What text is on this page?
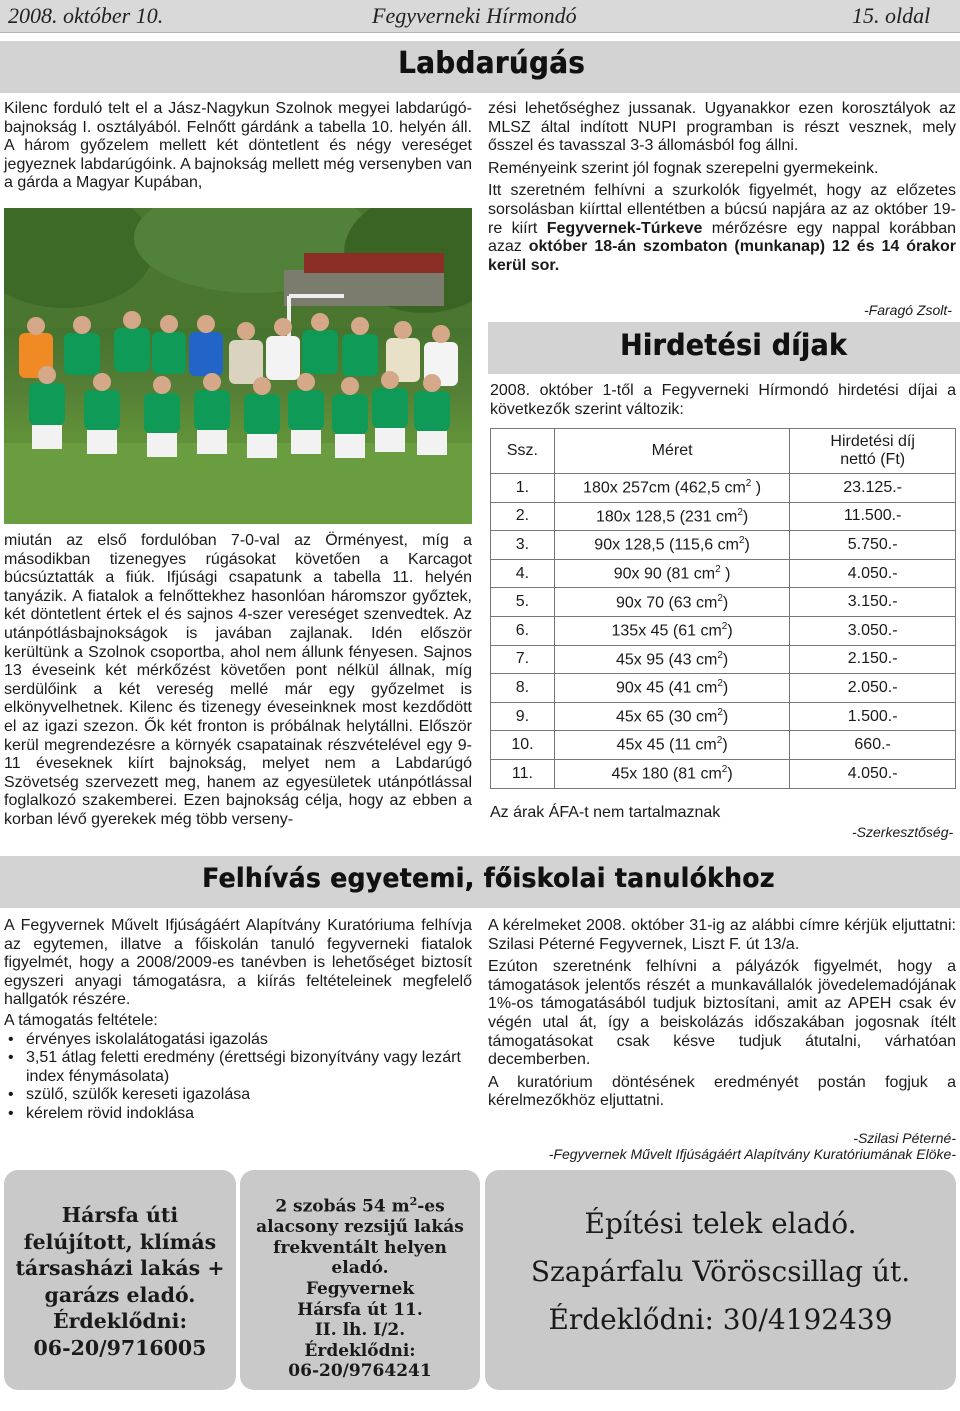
2008. október 10.	Fegyverneki Hírmondó	15. oldal
Labdarúgás
Kilenc forduló telt el a Jász-Nagykun Szolnok megyei labdarúgó-bajnokság I. osztályából. Felnőtt gárdánk a tabella 10. helyén áll. A három győzelem mellett két döntetlent és négy vereséget jegyeznek labdarúgóink. A bajnokság mellett még versenyben van a gárda a Magyar Kupában,
miután az első fordulóban 7-0-val az Örményest, míg a másodikban tizenegyes rúgásokat követően a Karcagot búcsúztatták a fiúk. Ifjúsági csapatunk a tabella 11. helyén tanyázik. A fiatalok a felnőttekhez hasonlóan háromszor győztek, két döntetlent értek el és sajnos 4-szer vereséget szenvedtek. Az utánpótlásbajnokságok is javában zajlanak. Idén először kerültünk a Szolnok csoportba, ahol nem állunk fényesen. Sajnos 13 éveseink két mérkőzést követően pont nélkül állnak, míg serdülőink a két vereség mellé már egy győzelmet is elkönyvelhetnek. Kilenc és tizenegy éveseinknek most kezdődött el az igazi szezon. Ők két fronton is próbálnak helytállni. Először kerül megrendezésre a környék csapatainak részvételével egy 9-11 éveseknek kiírt bajnokság, melyet nem a Labdarúgó Szövetség szervezett meg, hanem az egyesületek utánpótlással foglalkozó szakemberei. Ezen bajnokság célja, hogy az ebben a korban lévő gyerekek még több verseny-

zési lehetőséghez jussanak. Ugyanakkor ezen korosztályok az MLSZ által indított NUPI programban is részt vesznek, mely ősszel és tavasszal 3-3 állomásból fog állni.

Reményeink szerint jól fognak szerepelni gyermekeink.

Itt szeretném felhívni a szurkolók figyelmét, hogy az előzetes sorsolásban kiírttal ellentétben a búcsú napjára az az október 19-re kiírt Fegyvernek-Túrkeve mérőzésre egy nappal korábban azaz október 18-án szombaton (munkanap) 12 és 14 órakor kerül sor.

-Faragó Zsolt-
Hirdetési díjak
2008. október 1-től a Fegyverneki Hírmondó hirdetési díjai a következők szerint változik:
Ssz.	Méret	Hirdetési díj
nettó (Ft)
1.	180x 257cm (462,5 $cm^2$ )	23.125.-
2.	180x 128,5 (231 $cm^2$)	11.500.-
3.	90x 128,5 (115,6 $cm^2$)	5.750.-
4.	90x 90 (81 $cm^2$ )	4.050.-
5.	90x 70 (63 $cm^2$)	3.150.-
6.	135x 45 (61 $cm^2$)	3.050.-
7.	45x 95 (43 $cm^2$)	2.150.-
8.	90x 45 (41 $cm^2$)	2.050.-
9.	45x 65 (30 $cm^2$)	1.500.-
10.	45x 45 (11 $cm^2$)	660.-
11.	45x 180 (81 $cm^2$)	4.050.-
Az árak ÁFA-t nem tartalmaznak
-Szerkesztőség-
Felhívás egyetemi, főiskolai tanulókhoz

A Fegyvernek Művelt Ifjúságáért Alapítvány Kuratóriuma felhívja az egytemen, illatve a főiskolán tanuló fegyverneki fiatalok figyelmét, hogy a 2008/2009-es tanévben is lehetőséget biztosít egyszeri anyagi támogatásra, a kiírás feltételeinek megfelelő hallgatók részére.

A támogatás feltétele:

• érvényes iskolalátogatási igazolás
• 3,51 átlag feletti eredmény (érettségi bizonyítvány vagy lezárt index fénymásolata)
• szülő, szülők kereseti igazolása
• kérelem rövid indoklása

A kérelmeket 2008. október 31-ig az alábbi címre kérjük eljuttatni: Szilasi Péterné Fegyvernek, Liszt F. út 13/a.

Ezúton szeretnénk felhívni a pályázók figyelmét, hogy a támogatások jelentős részét a munkavállalók jövedelemadójának 1%-os támogatásából tudjuk biztosítani, amit az APEH csak év végén utal át, így a beiskolázás időszakában jogosnak ítélt támogatásokat csak késve tudjuk átutalni, várhatóan decemberben.

A kuratórium döntésének eredményét postán fogjuk a kérelmezőkhöz eljuttatni.

-Szilasi Péterné-
-Fegyvernek Művelt Ifjúságáért Alapítvány Kuratóriumának Elöke-
Hársfa úti
felújított, klímás
társasházi lakás +
garázs eladó.
Érdeklődni:
06-20/9716005
2 szobás 54 $m^2-es$
alacsony rezsijű lakás
frekventált helyen
eladó.
Fegyvernek
Hársfa út 11.
II. lh. I/2.
Érdeklődni:
06-20/9764241
Építési telek eladó.
Szapárfalu Vöröscsillag út.
Érdeklődni: 30/4192439
